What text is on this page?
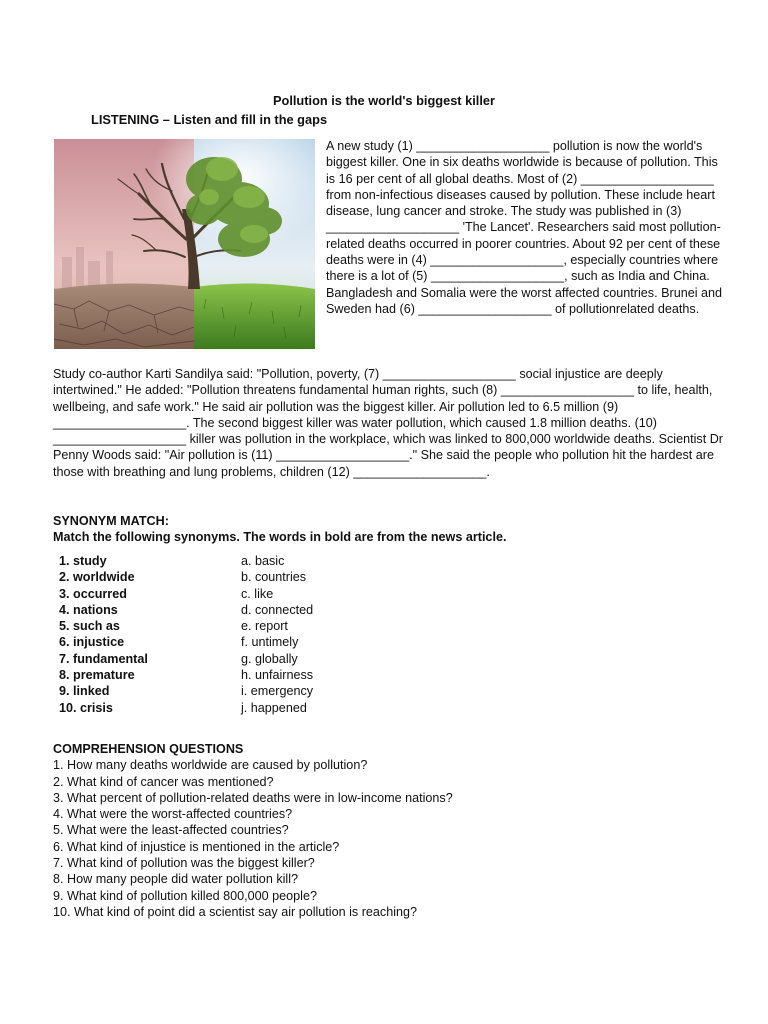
Pollution is the world's biggest killer
LISTENING – Listen and fill in the gaps

A new study (1) ___________________ pollution is now the world's biggest killer. One in six deaths worldwide is because of pollution. This is 16 per cent of all global deaths. Most of (2) ___________________ from non-infectious diseases caused by pollution. These include heart disease, lung cancer and stroke. The study was published in (3) ___________________ 'The Lancet'. Researchers said most pollution-related deaths occurred in poorer countries. About 92 per cent of these deaths were in (4) ___________________, especially countries where there is a lot of (5) ___________________, such as India and China. Bangladesh and Somalia were the worst affected countries. Brunei and Sweden had (6) ___________________ of pollutionrelated deaths.

Study co-author Karti Sandilya said: "Pollution, poverty, (7) ___________________ social injustice are deeply intertwined." He added: "Pollution threatens fundamental human rights, such (8) ___________________ to life, health, wellbeing, and safe work." He said air pollution was the biggest killer. Air pollution led to 6.5 million (9) ___________________. The second biggest killer was water pollution, which caused 1.8 million deaths. (10) ___________________ killer was pollution in the workplace, which was linked to 800,000 worldwide deaths. Scientist Dr Penny Woods said: "Air pollution is (11) ___________________." She said the people who pollution hit the hardest are those with breathing and lung problems, children (12) ___________________.

SYNONYM MATCH:

Match the following synonyms. The words in bold are from the news article.

1. study	a. basic
2. worldwide	b. countries
3. occurred	c. like
4. nations	d. connected
5. such as	e. report
6. injustice	f. untimely
7. fundamental	g. globally
8. premature	h. unfairness
9. linked	i. emergency
10. crisis	j. happened

COMPREHENSION QUESTIONS

1. How many deaths worldwide are caused by pollution?

2. What kind of cancer was mentioned?

3. What percent of pollution-related deaths were in low-income nations?

4. What were the worst-affected countries?

5. What were the least-affected countries?

6. What kind of injustice is mentioned in the article?

7. What kind of pollution was the biggest killer?

8. How many people did water pollution kill?

9. What kind of pollution killed 800,000 people?

10. What kind of point did a scientist say air pollution is reaching?
